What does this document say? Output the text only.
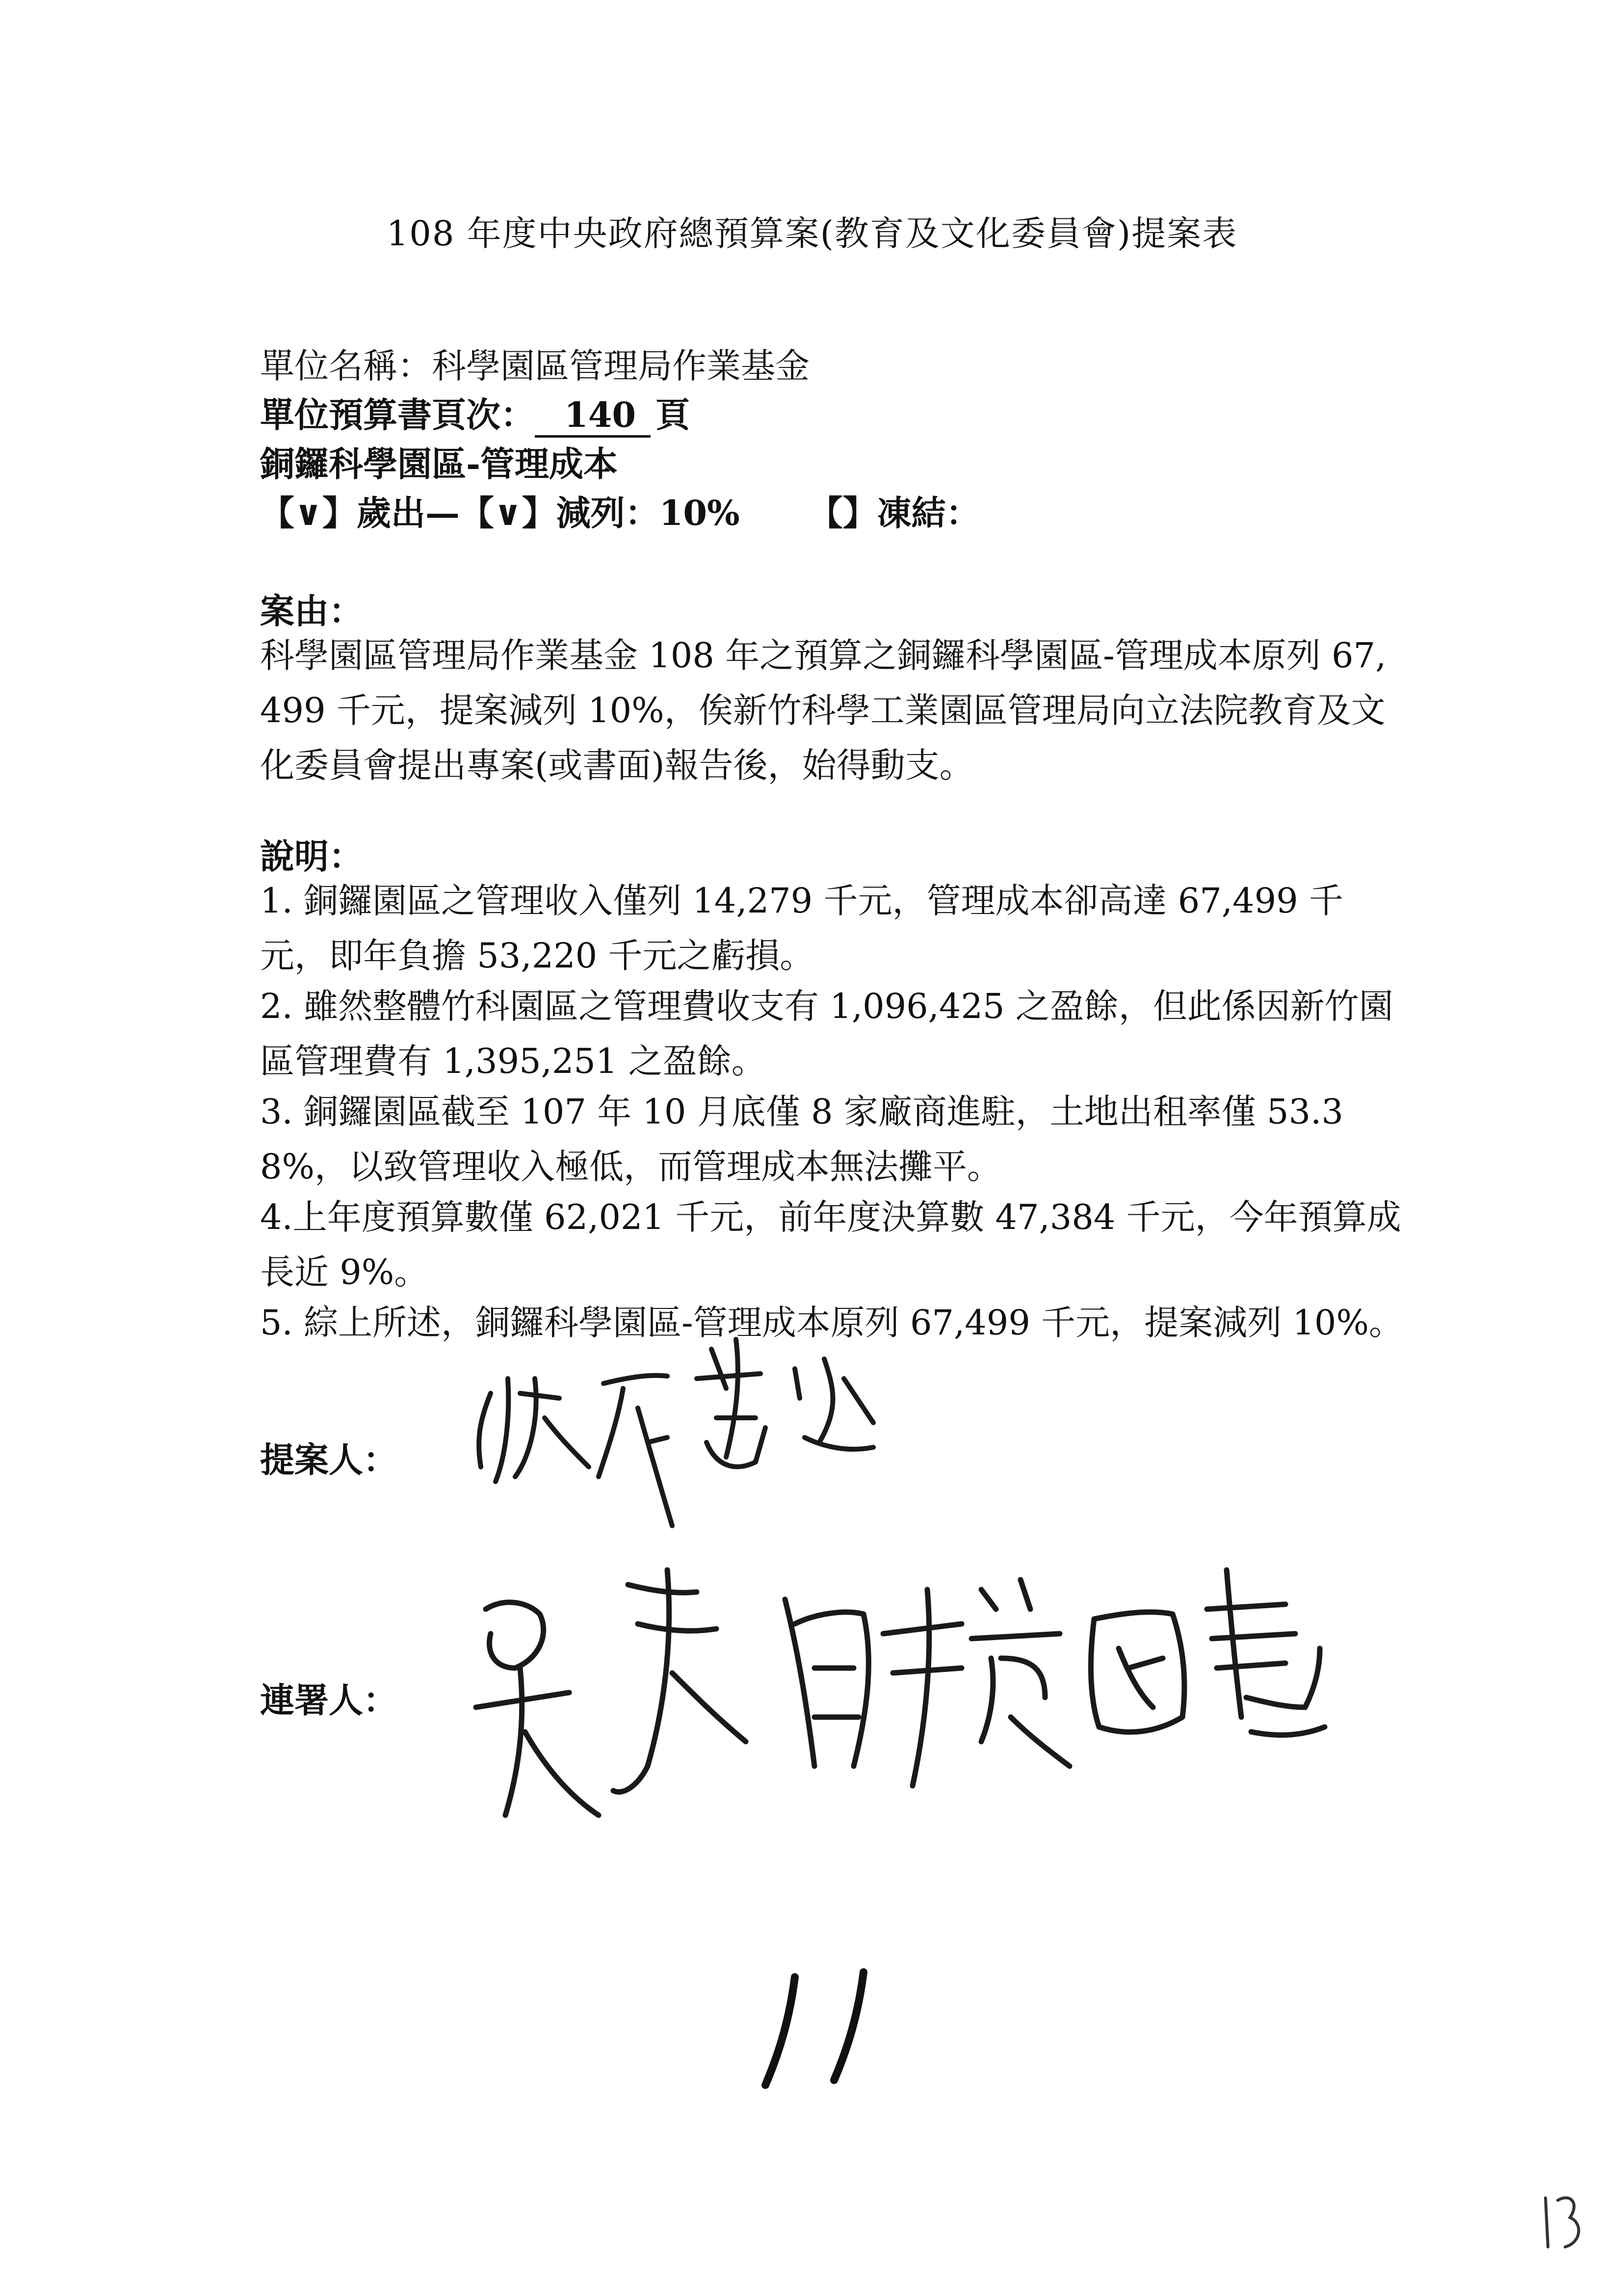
108 年度中央政府總預算案(教育及文化委員會)提案表
單位名稱：科學園區管理局作業基金
單位預算書頁次： 140 頁
銅鑼科學園區-管理成本
【∨】歲出—【∨】減列：10% 【】凍結：
案由：
科學園區管理局作業基金 108 年之預算之銅鑼科學園區-管理成本原列 67,499 千元，提案減列 10%，俟新竹科學工業園區管理局向立法院教育及文化委員會提出專案(或書面)報告後，始得動支。
說明：
1. 銅鑼園區之管理收入僅列 14,279 千元，管理成本卻高達 67,499 千元，即年負擔 53,220 千元之虧損。
2. 雖然整體竹科園區之管理費收支有 1,096,425 之盈餘，但此係因新竹園區管理費有 1,395,251 之盈餘。
3. 銅鑼園區截至 107 年 10 月底僅 8 家廠商進駐，土地出租率僅 53.38%，以致管理收入極低，而管理成本無法攤平。
4.上年度預算數僅 62,021 千元，前年度決算數 47,384 千元，今年預算成長近 9%。
5. 綜上所述，銅鑼科學園區-管理成本原列 67,499 千元，提案減列 10%。
提案人：
連署人：
